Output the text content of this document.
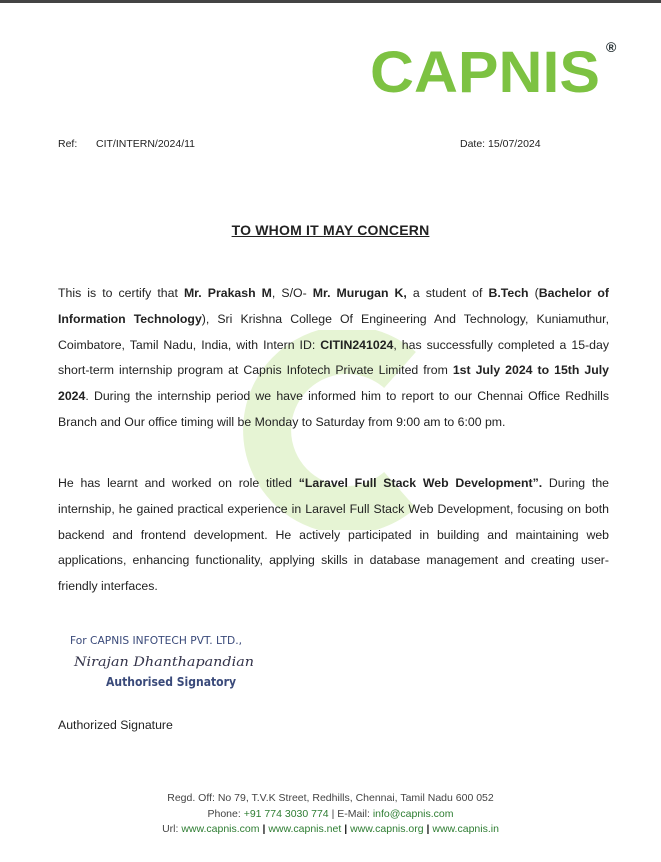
CAPNIS ®
Ref: CIT/INTERN/2024/11	Date: 15/07/2024
TO WHOM IT MAY CONCERN
This is to certify that Mr. Prakash M, S/O- Mr. Murugan K, a student of B.Tech (Bachelor of Information Technology), Sri Krishna College Of Engineering And Technology, Kuniamuthur, Coimbatore, Tamil Nadu, India, with Intern ID: CITIN241024, has successfully completed a 15-day short-term internship program at Capnis Infotech Private Limited from 1st July 2024 to 15th July 2024. During the internship period we have informed him to report to our Chennai Office Redhills Branch and Our office timing will be Monday to Saturday from 9:00 am to 6:00 pm.
He has learnt and worked on role titled “Laravel Full Stack Web Development”. During the internship, he gained practical experience in Laravel Full Stack Web Development, focusing on both backend and frontend development. He actively participated in building and maintaining web applications, enhancing functionality, applying skills in database management and creating user-friendly interfaces.
For CAPNIS INFOTECH PVT. LTD.,
Nirajan Dhanthapandian
Authorised Signatory
Authorized Signature
Regd. Off: No 79, T.V.K Street, Redhills, Chennai, Tamil Nadu 600 052
Phone: +91 774 3030 774 | E-Mail: info@capnis.com
Url: www.capnis.com | www.capnis.net | www.capnis.org | www.capnis.in
